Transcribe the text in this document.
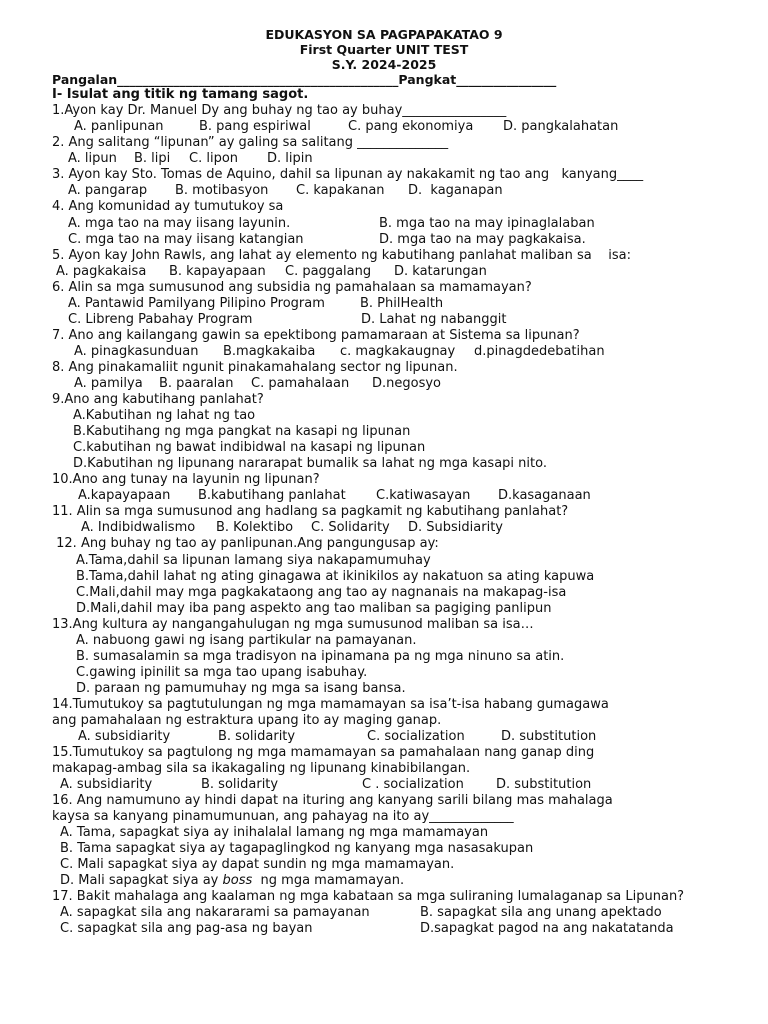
EDUKASYON SA PAGPAPAKATAO 9
First Quarter UNIT TEST
S.Y. 2024-2025
Pangalan_____________________________________________Pangkat________________
I- Isulat ang titik ng tamang sagot.
1.Ayon kay Dr. Manuel Dy ang buhay ng tao ay buhay________________
A. panlipunan	B. pang espiriwal	C. pang ekonomiya D. pangkalahatan
2. Ang salitang “lipunan” ay galing sa salitang ______________
A. lipun B. lipi C. lipon D. lipin
3. Ayon kay Sto. Tomas de Aquino, dahil sa lipunan ay nakakamit ng tao ang   kanyang____
A. pangarap B. motibasyon C. kapakanan D.  kaganapan
4. Ang komunidad ay tumutukoy sa
A. mga tao na may iisang layunin.	B. mga tao na may ipinaglalaban
C. mga tao na may iisang katangian	D. mga tao na may pagkakaisa.
5. Ayon kay John Rawls, ang lahat ay elemento ng kabutihang panlahat maliban sa    isa:
A. pagkakaisa B. kapayapaan C. paggalang D. katarungan
6. Alin sa mga sumusunod ang subsidia ng pamahalaan sa mamamayan?
A. Pantawid Pamilyang Pilipino Program	B. PhilHealth
C. Libreng Pabahay Program	D. Lahat ng nabanggit
7. Ano ang kailangang gawin sa epektibong pamamaraan at Sistema sa lipunan?
A. pinagkasunduan B.magkakaiba c. magkakaugnay d.pinagdedebatihan
8. Ang pinakamaliit ngunit pinakamahalang sector ng lipunan.
A. pamilya B. paaralan C. pamahalaan D.negosyo
9.Ano ang kabutihang panlahat?
A.Kabutihan ng lahat ng tao
B.Kabutihang ng mga pangkat na kasapi ng lipunan
C.kabutihan ng bawat indibidwal na kasapi ng lipunan
D.Kabutihan ng lipunang nararapat bumalik sa lahat ng mga kasapi nito.
10.Ano ang tunay na layunin ng lipunan?
A.kapayapaan B.kabutihang panlahat C.katiwasayan D.kasaganaan
11. Alin sa mga sumusunod ang hadlang sa pagkamit ng kabutihang panlahat?
A. Indibidwalismo B. Kolektibo C. Solidarity D. Subsidiarity
12. Ang buhay ng tao ay panlipunan.Ang pangungusap ay:
A.Tama,dahil sa lipunan lamang siya nakapamumuhay
B.Tama,dahil lahat ng ating ginagawa at ikinikilos ay nakatuon sa ating kapuwa
C.Mali,dahil may mga pagkakataong ang tao ay nagnanais na makapag-isa
D.Mali,dahil may iba pang aspekto ang tao maliban sa pagiging panlipun
13.Ang kultura ay nangangahulugan ng mga sumusunod maliban sa isa…
A. nabuong gawi ng isang partikular na pamayanan.
B. sumasalamin sa mga tradisyon na ipinamana pa ng mga ninuno sa atin.
C.gawing ipinilit sa mga tao upang isabuhay.
D. paraan ng pamumuhay ng mga sa isang bansa.
14.Tumutukoy sa pagtutulungan ng mga mamamayan sa isa’t-isa habang gumagawa
ang pamahalaan ng estraktura upang ito ay maging ganap.
A. subsidiarity	B. solidarity	C. socialization	D. substitution
15.Tumutukoy sa pagtulong ng mga mamamayan sa pamahalaan nang ganap ding
makapag-ambag sila sa ikakagaling ng lipunang kinabibilangan.
A. subsidiarity	B. solidarity	C . socialization D. substitution
16. Ang namumuno ay hindi dapat na ituring ang kanyang sarili bilang mas mahalaga
kaysa sa kanyang pinamumunuan, ang pahayag na ito ay_____________
A. Tama, sapagkat siya ay inihalalal lamang ng mga mamamayan
B. Tama sapagkat siya ay tagapaglingkod ng kanyang mga nasasakupan
C. Mali sapagkat siya ay dapat sundin ng mga mamamayan.
D. Mali sapagkat siya ay boss  ng mga mamamayan.
17. Bakit mahalaga ang kaalaman ng mga kabataan sa mga suliraning lumalaganap sa Lipunan?
A. sapagkat sila ang nakararami sa pamayanan	B. sapagkat sila ang unang apektado
C. sapagkat sila ang pag-asa ng bayan	D.sapagkat pagod na ang nakatatanda
